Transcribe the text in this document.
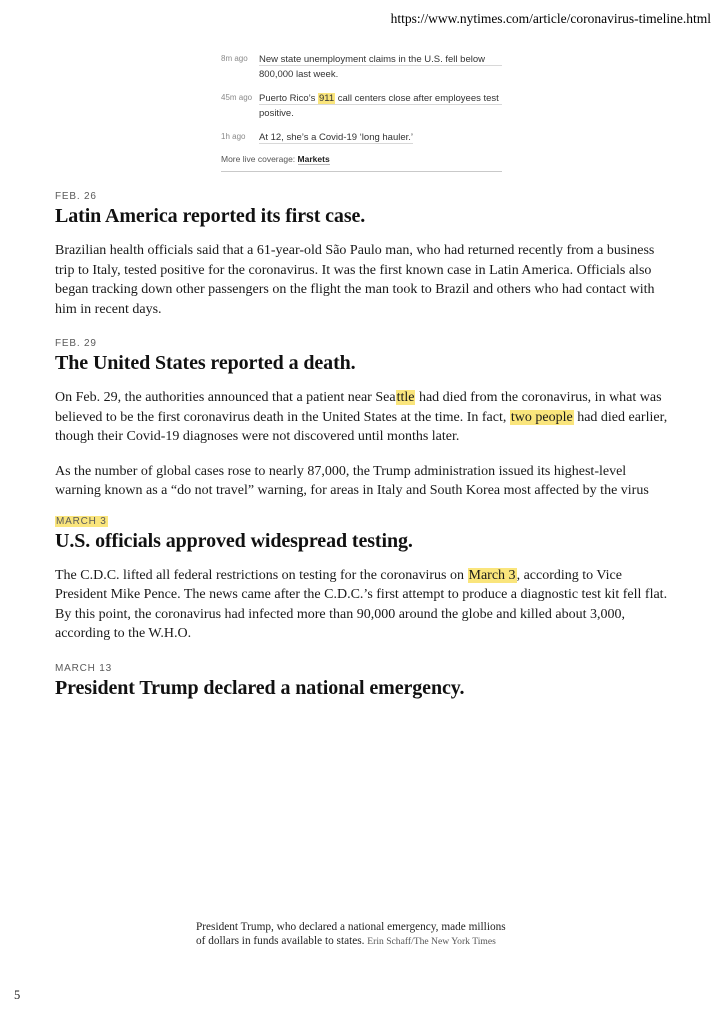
https://www.nytimes.com/article/coronavirus-timeline.html
8m ago	New state unemployment claims in the U.S. fell below 800,000 last week.
45m ago Puerto Rico’s 911 call centers close after employees test positive.
1h ago	At 12, she’s a Covid-19 ‘long hauler.’
More live coverage: Markets
FEB. 26
Latin America reported its first case.

Brazilian health officials said that a 61-year-old São Paulo man, who had returned recently from a business trip to Italy, tested positive for the coronavirus. It was the first known case in Latin America. Officials also began tracking down other passengers on the flight the man took to Brazil and others who had contact with him in recent days.

FEB. 29
The United States reported a death.

On Feb. 29, the authorities announced that a patient near Seattle had died from the coronavirus, in what was believed to be the first coronavirus death in the United States at the time. In fact, two people had died earlier, though their Covid-19 diagnoses were not discovered until months later.

As the number of global cases rose to nearly 87,000, the Trump administration issued its highest-level warning known as a “do not travel” warning, for areas in Italy and South Korea most affected by the virus

MARCH 3
U.S. officials approved widespread testing.

The C.D.C. lifted all federal restrictions on testing for the coronavirus on March 3, according to Vice President Mike Pence. The news came after the C.D.C.’s first attempt to produce a diagnostic test kit fell flat. By this point, the coronavirus had infected more than 90,000 around the globe and killed about 3,000, according to the W.H.O.

MARCH 13
President Trump declared a national emergency.
President Trump, who declared a national emergency, made millions of dollars in funds available to states. Erin Schaff/The New York Times
5
